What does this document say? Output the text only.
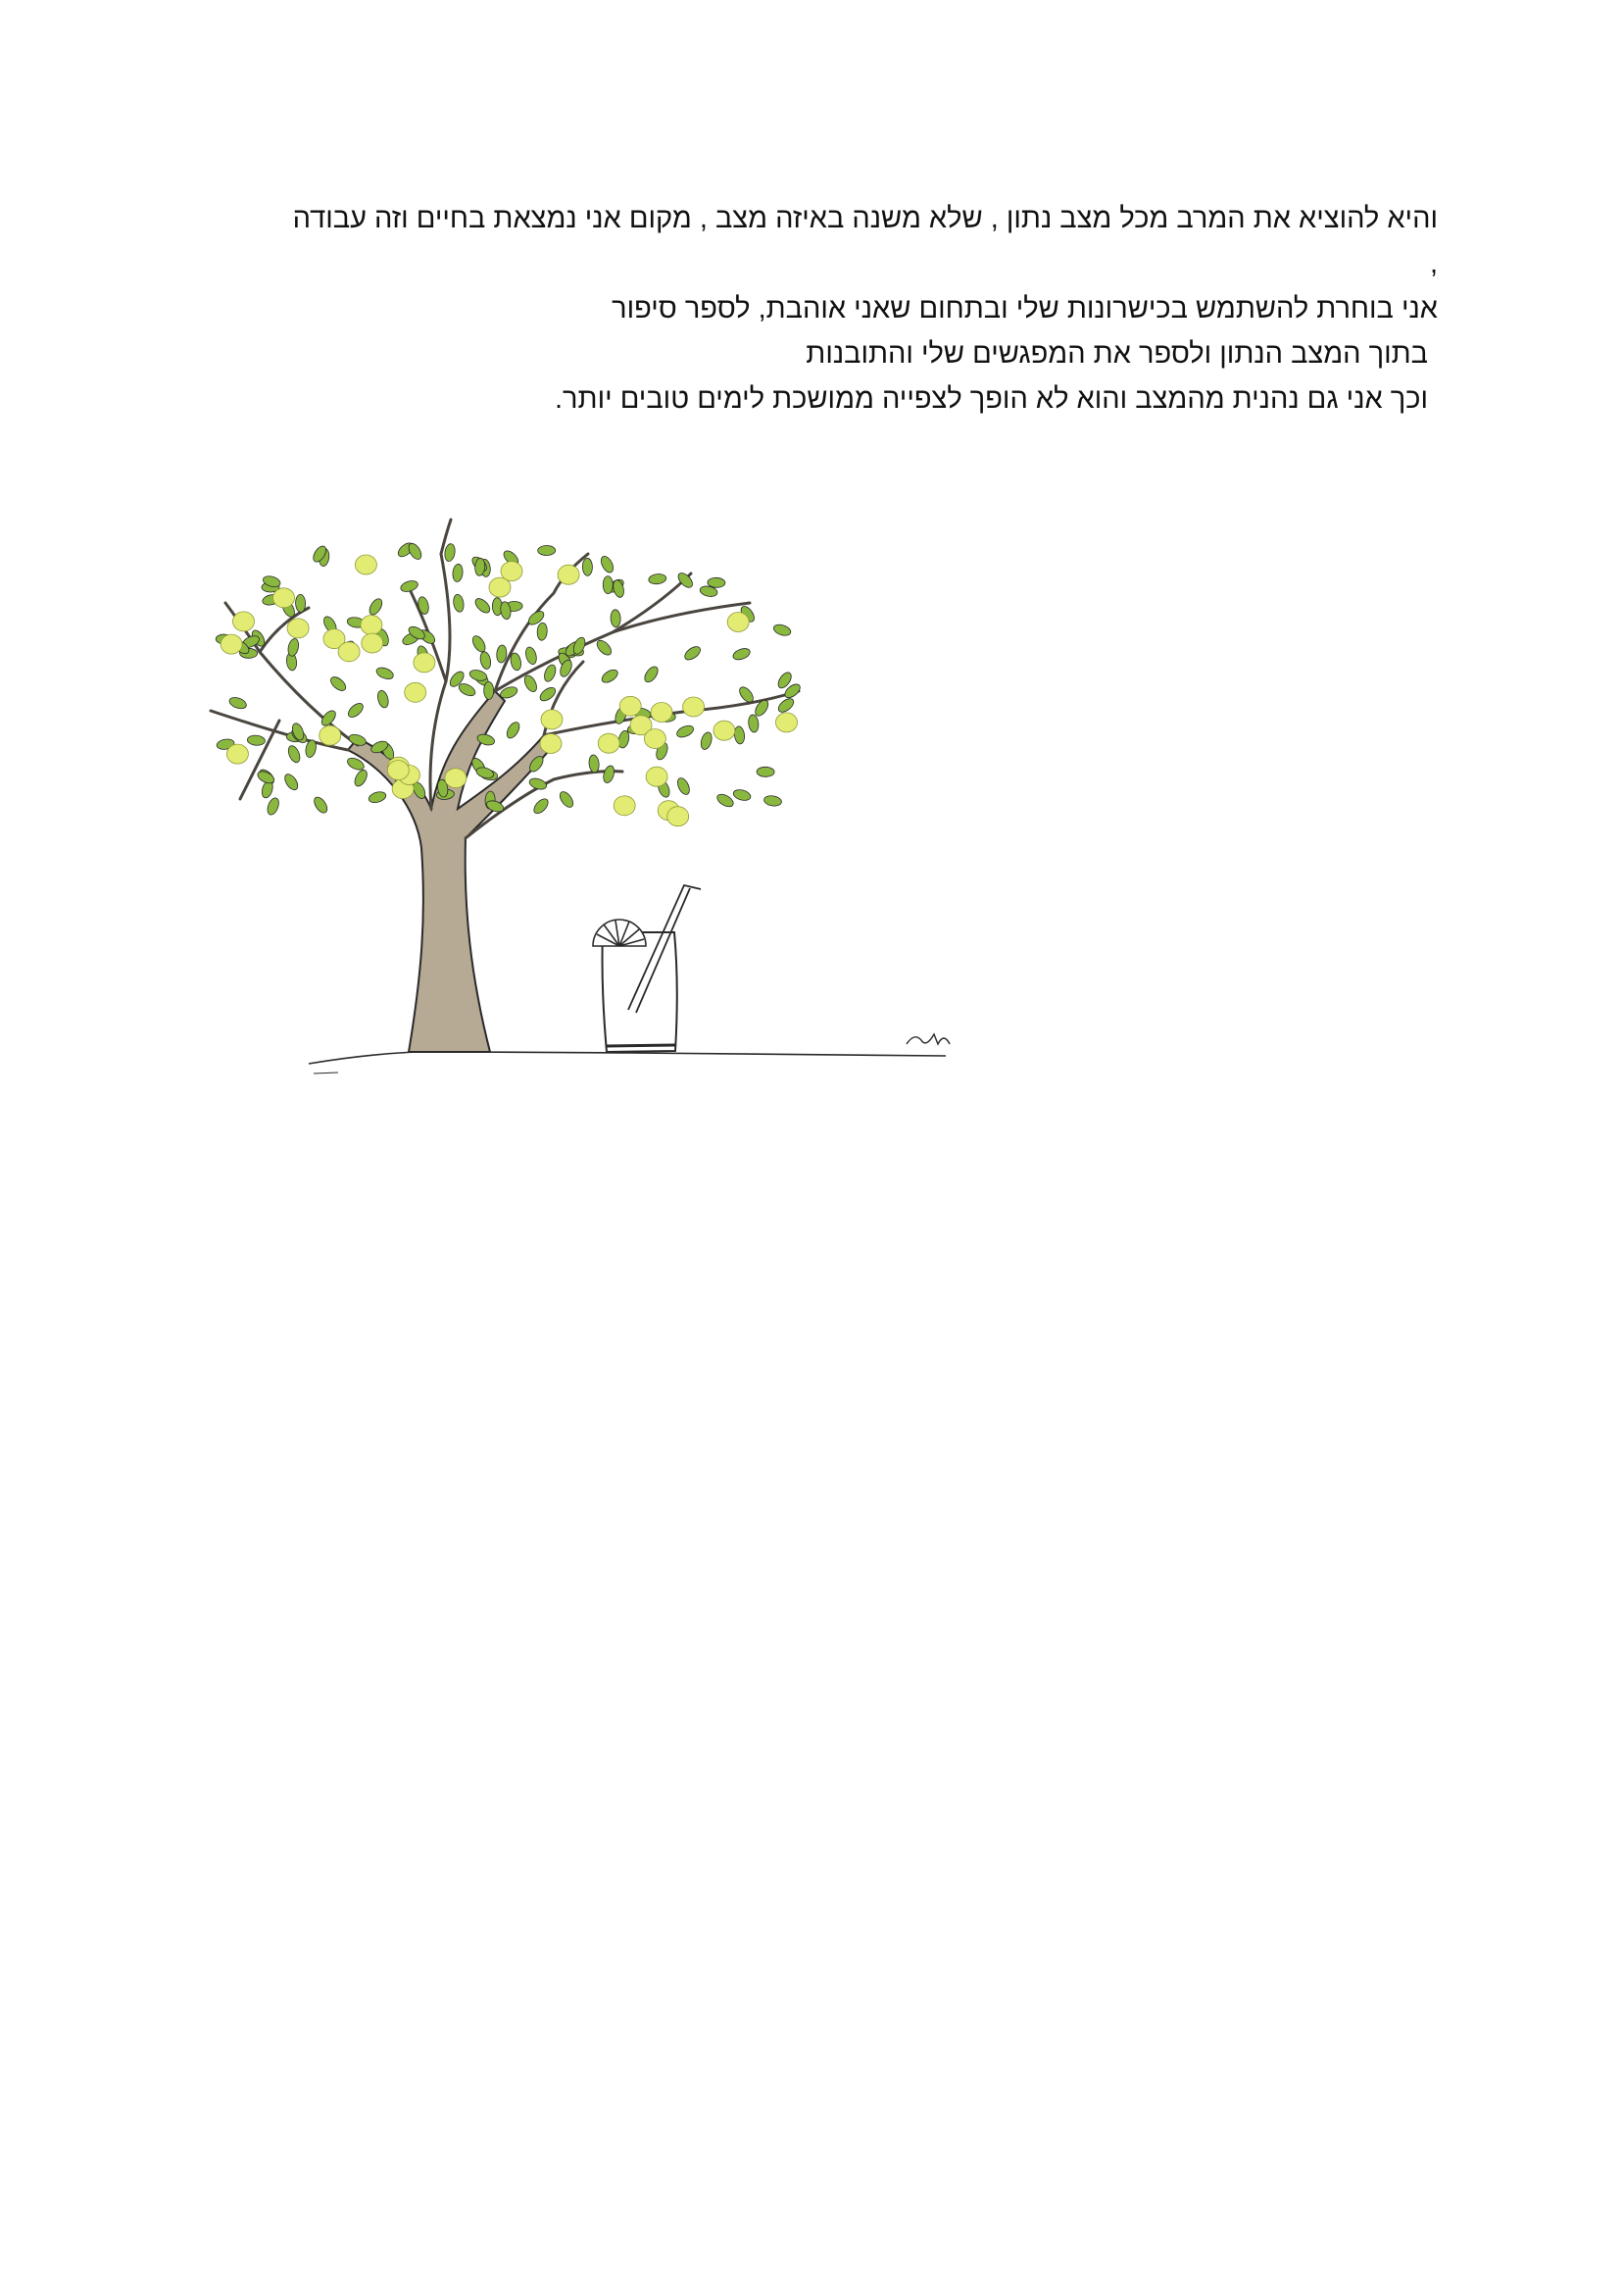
והיא להוציא את המרב מכל מצב נתון , שלא משנה באיזה מצב , מקום אני נמצאת בחיים וזה עבודה
,
אני בוחרת להשתמש בכישרונות שלי ובתחום שאני אוהבת, לספר סיפור
בתוך המצב הנתון ולספר את המפגשים שלי והתובנות
וכך אני גם נהנית מהמצב והוא לא הופך לצפייה ממושכת לימים טובים יותר.
